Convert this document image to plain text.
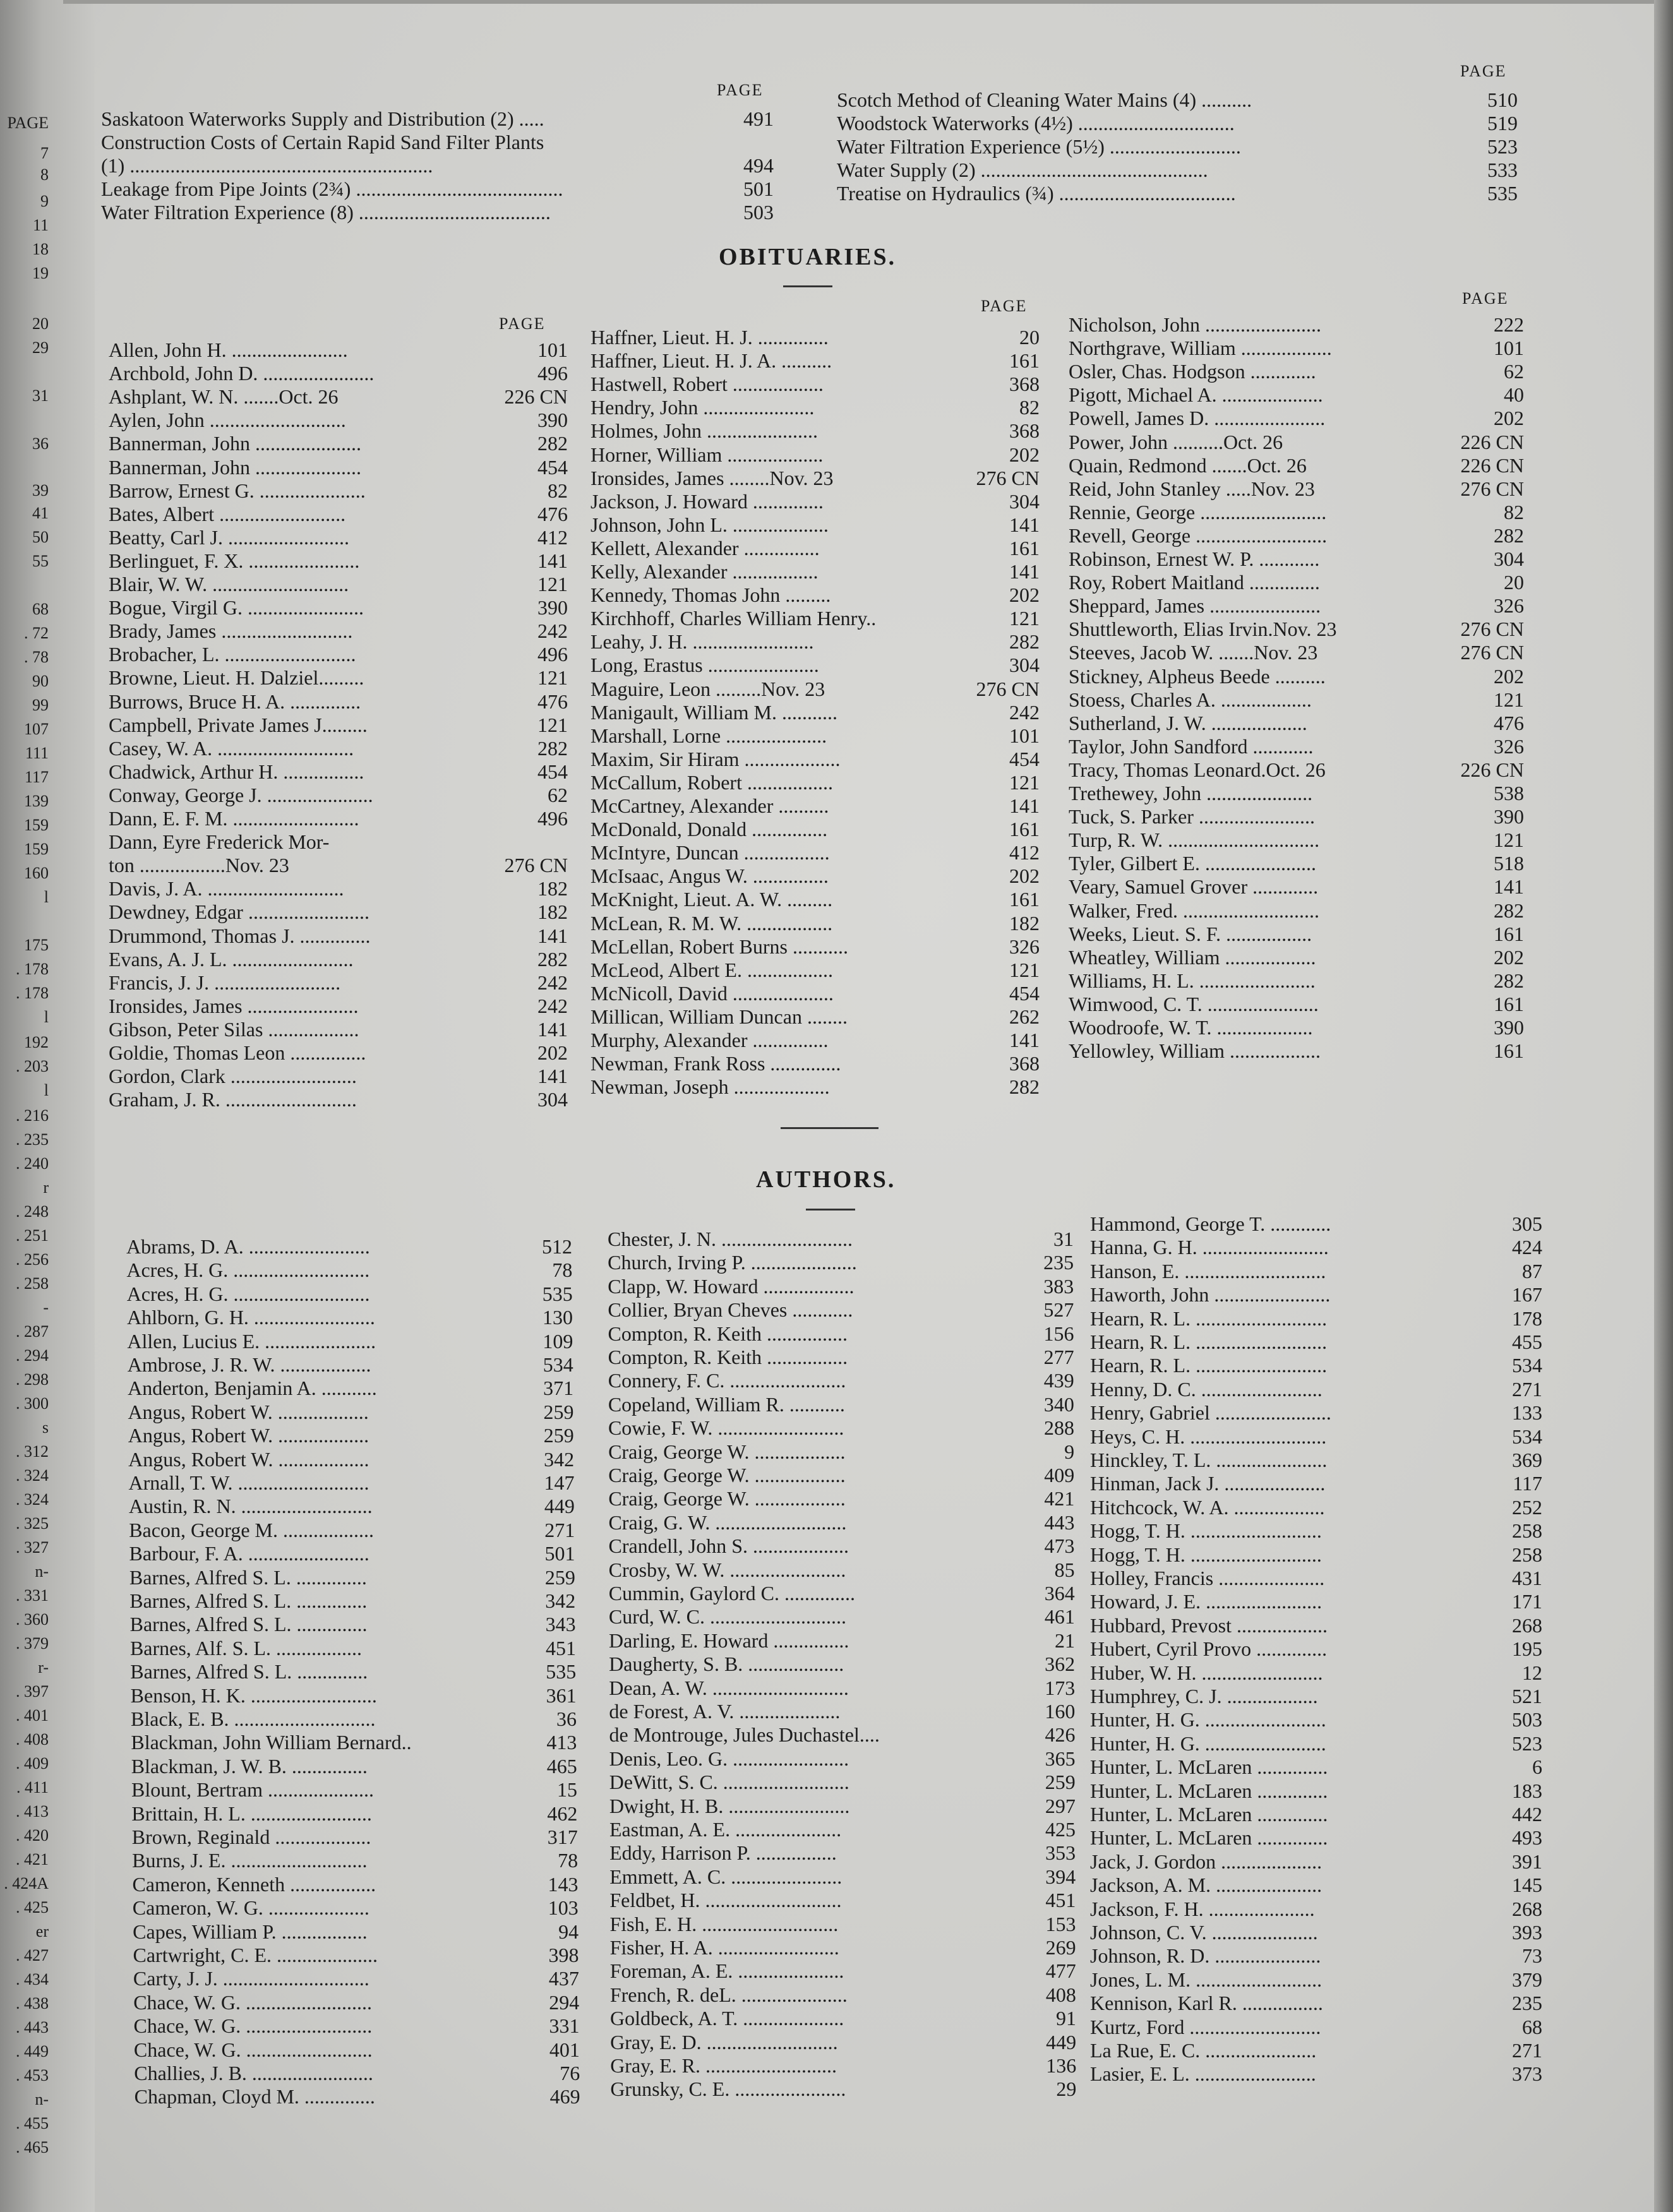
PAGE
7
8
9
11
18
19
20
29
31
36
39
41
50
55
68
. 72
. 78
90
99
107
111
117
139
159
159
160
l
175
. 178
. 178
l
192
. 203
l
. 216
. 235
. 240
r
. 248
. 251
. 256
. 258
-
. 287
. 294
. 298
. 300
s
. 312
. 324
. 324
. 325
. 327
n-
. 331
. 360
. 379
r-
. 397
. 401
. 408
. 409
. 411
. 413
. 420
. 421
. 424A
. 425
er
. 427
. 434
. 438
. 443
. 449
. 453
n-
. 455
. 465
PAGE
PAGE
Saskatoon Waterworks Supply and Distribution (2) .....	491
Construction Costs of Certain Rapid Sand Filter Plants
(1) ............................................................	494
Leakage from Pipe Joints (2¾) .........................................	501
Water Filtration Experience (8) ......................................	503
Scotch Method of Cleaning Water Mains (4) ..........	510
Woodstock Waterworks (4½) ...............................	519
Water Filtration Experience (5½) ..........................	523
Water Supply (2) .............................................	533
Treatise on Hydraulics (¾) ...................................	535
OBITUARIES.
PAGE
PAGE	PAGE
Allen, John H. .......................	101
Archbold, John D. ......................	496
Ashplant, W. N. .......Oct. 26	226 CN
Aylen, John ...........................	390
Bannerman, John .....................	282
Bannerman, John .....................	454
Barrow, Ernest G. .....................	82
Bates, Albert .........................	476
Beatty, Carl J. ........................	412
Berlinguet, F. X. ......................	141
Blair, W. W. ...........................	121
Bogue, Virgil G. .......................	390
Brady, James ..........................	242
Brobacher, L. ..........................	496
Browne, Lieut. H. Dalziel.........	121
Burrows, Bruce H. A. ..............	476
Campbell, Private James J.........	121
Casey, W. A. ...........................	282
Chadwick, Arthur H. ................	454
Conway, George J. .....................	62
Dann, E. F. M. .........................	496
Dann, Eyre Frederick Mor-
ton .................Nov. 23	276 CN
Davis, J. A. ...........................	182
Dewdney, Edgar ........................	182
Drummond, Thomas J. ..............	141
Evans, A. J. L. ........................	282
Francis, J. J. .........................	242
Ironsides, James ......................	242
Gibson, Peter Silas ..................	141
Goldie, Thomas Leon ...............	202
Gordon, Clark .........................	141
Graham, J. R. ..........................	304
Haffner, Lieut. H. J. ..............	20
Haffner, Lieut. H. J. A. ..........	161
Hastwell, Robert ..................	368
Hendry, John ......................	82
Holmes, John ......................	368
Horner, William ...................	202
Ironsides, James ........Nov. 23	276 CN
Jackson, J. Howard ..............	304
Johnson, John L. ...................	141
Kellett, Alexander ...............	161
Kelly, Alexander .................	141
Kennedy, Thomas John .........	202
Kirchhoff, Charles William Henry..	121
Leahy, J. H. ........................	282
Long, Erastus ......................	304
Maguire, Leon .........Nov. 23	276 CN
Manigault, William M. ...........	242
Marshall, Lorne ....................	101
Maxim, Sir Hiram ...................	454
McCallum, Robert .................	121
McCartney, Alexander ..........	141
McDonald, Donald ...............	161
McIntyre, Duncan .................	412
McIsaac, Angus W. ...............	202
McKnight, Lieut. A. W. .........	161
McLean, R. M. W. .................	182
McLellan, Robert Burns ...........	326
McLeod, Albert E. .................	121
McNicoll, David ....................	454
Millican, William Duncan ........	262
Murphy, Alexander ...............	141
Newman, Frank Ross ..............	368
Newman, Joseph ...................	282
Nicholson, John .......................	222
Northgrave, William ..................	101
Osler, Chas. Hodgson .............	62
Pigott, Michael A. ....................	40
Powell, James D. ......................	202
Power, John ..........Oct. 26	226 CN
Quain, Redmond .......Oct. 26	226 CN
Reid, John Stanley .....Nov. 23	276 CN
Rennie, George .........................	82
Revell, George ..........................	282
Robinson, Ernest W. P. ............	304
Roy, Robert Maitland ..............	20
Sheppard, James ......................	326
Shuttleworth, Elias Irvin.Nov. 23	276 CN
Steeves, Jacob W. .......Nov. 23	276 CN
Stickney, Alpheus Beede ..........	202
Stoess, Charles A. ..................	121
Sutherland, J. W. ...................	476
Taylor, John Sandford ............	326
Tracy, Thomas Leonard.Oct. 26	226 CN
Trethewey, John .....................	538
Tuck, S. Parker .......................	390
Turp, R. W. ..............................	121
Tyler, Gilbert E. ......................	518
Veary, Samuel Grover .............	141
Walker, Fred. ...........................	282
Weeks, Lieut. S. F. .................	161
Wheatley, William ..................	202
Williams, H. L. .......................	282
Wimwood, C. T. ......................	161
Woodroofe, W. T. ...................	390
Yellowley, William ..................	161
AUTHORS.
Abrams, D. A. ........................	512
Acres, H. G. ...........................	78
Acres, H. G. ...........................	535
Ahlborn, G. H. ........................	130
Allen, Lucius E. ......................	109
Ambrose, J. R. W. ..................	534
Anderton, Benjamin A. ...........	371
Angus, Robert W. ..................	259
Angus, Robert W. ..................	259
Angus, Robert W. ..................	342
Arnall, T. W. ..........................	147
Austin, R. N. ..........................	449
Bacon, George M. ..................	271
Barbour, F. A. ........................	501
Barnes, Alfred S. L. ..............	259
Barnes, Alfred S. L. ..............	342
Barnes, Alfred S. L. ..............	343
Barnes, Alf. S. L. .................	451
Barnes, Alfred S. L. ..............	535
Benson, H. K. .........................	361
Black, E. B. ............................	36
Blackman, John William Bernard..	413
Blackman, J. W. B. ...............	465
Blount, Bertram .....................	15
Brittain, H. L. ........................	462
Brown, Reginald ...................	317
Burns, J. E. ...........................	78
Cameron, Kenneth .................	143
Cameron, W. G. ....................	103
Capes, William P. .................	94
Cartwright, C. E. ....................	398
Carty, J. J. .............................	437
Chace, W. G. .........................	294
Chace, W. G. .........................	331
Chace, W. G. .........................	401
Challies, J. B. ........................	76
Chapman, Cloyd M. ..............	469
Chester, J. N. ..........................	31
Church, Irving P. .....................	235
Clapp, W. Howard ..................	383
Collier, Bryan Cheves ............	527
Compton, R. Keith ................	156
Compton, R. Keith ................	277
Connery, F. C. .......................	439
Copeland, William R. ...........	340
Cowie, F. W. .........................	288
Craig, George W. ..................	9
Craig, George W. ..................	409
Craig, George W. ..................	421
Craig, G. W. ..........................	443
Crandell, John S. ...................	473
Crosby, W. W. .......................	85
Cummin, Gaylord C. ..............	364
Curd, W. C. ...........................	461
Darling, E. Howard ...............	21
Daugherty, S. B. ...................	362
Dean, A. W. ...........................	173
de Forest, A. V. ....................	160
de Montrouge, Jules Duchastel....	426
Denis, Leo. G. .......................	365
DeWitt, S. C. .........................	259
Dwight, H. B. ........................	297
Eastman, A. E. .....................	425
Eddy, Harrison P. ................	353
Emmett, A. C. ......................	394
Feldbet, H. ...........................	451
Fish, E. H. ...........................	153
Fisher, H. A. ........................	269
Foreman, A. E. .....................	477
French, R. deL. .....................	408
Goldbeck, A. T. ....................	91
Gray, E. D. ..........................	449
Gray, E. R. ..........................	136
Grunsky, C. E. ......................	29
Hammond, George T. ............	305
Hanna, G. H. .........................	424
Hanson, E. ............................	87
Haworth, John .......................	167
Hearn, R. L. ..........................	178
Hearn, R. L. ..........................	455
Hearn, R. L. ..........................	534
Henny, D. C. ........................	271
Henry, Gabriel .......................	133
Heys, C. H. ...........................	534
Hinckley, T. L. ......................	369
Hinman, Jack J. ....................	117
Hitchcock, W. A. ..................	252
Hogg, T. H. ..........................	258
Hogg, T. H. ..........................	258
Holley, Francis .....................	431
Howard, J. E. .......................	171
Hubbard, Prevost ..................	268
Hubert, Cyril Provo ..............	195
Huber, W. H. ........................	12
Humphrey, C. J. ..................	521
Hunter, H. G. ........................	503
Hunter, H. G. ........................	523
Hunter, L. McLaren ..............	6
Hunter, L. McLaren ..............	183
Hunter, L. McLaren ..............	442
Hunter, L. McLaren ..............	493
Jack, J. Gordon ....................	391
Jackson, A. M. .....................	145
Jackson, F. H. .....................	268
Johnson, C. V. .....................	393
Johnson, R. D. .....................	73
Jones, L. M. .........................	379
Kennison, Karl R. ................	235
Kurtz, Ford ..........................	68
La Rue, E. C. ......................	271
Lasier, E. L. ........................	373
